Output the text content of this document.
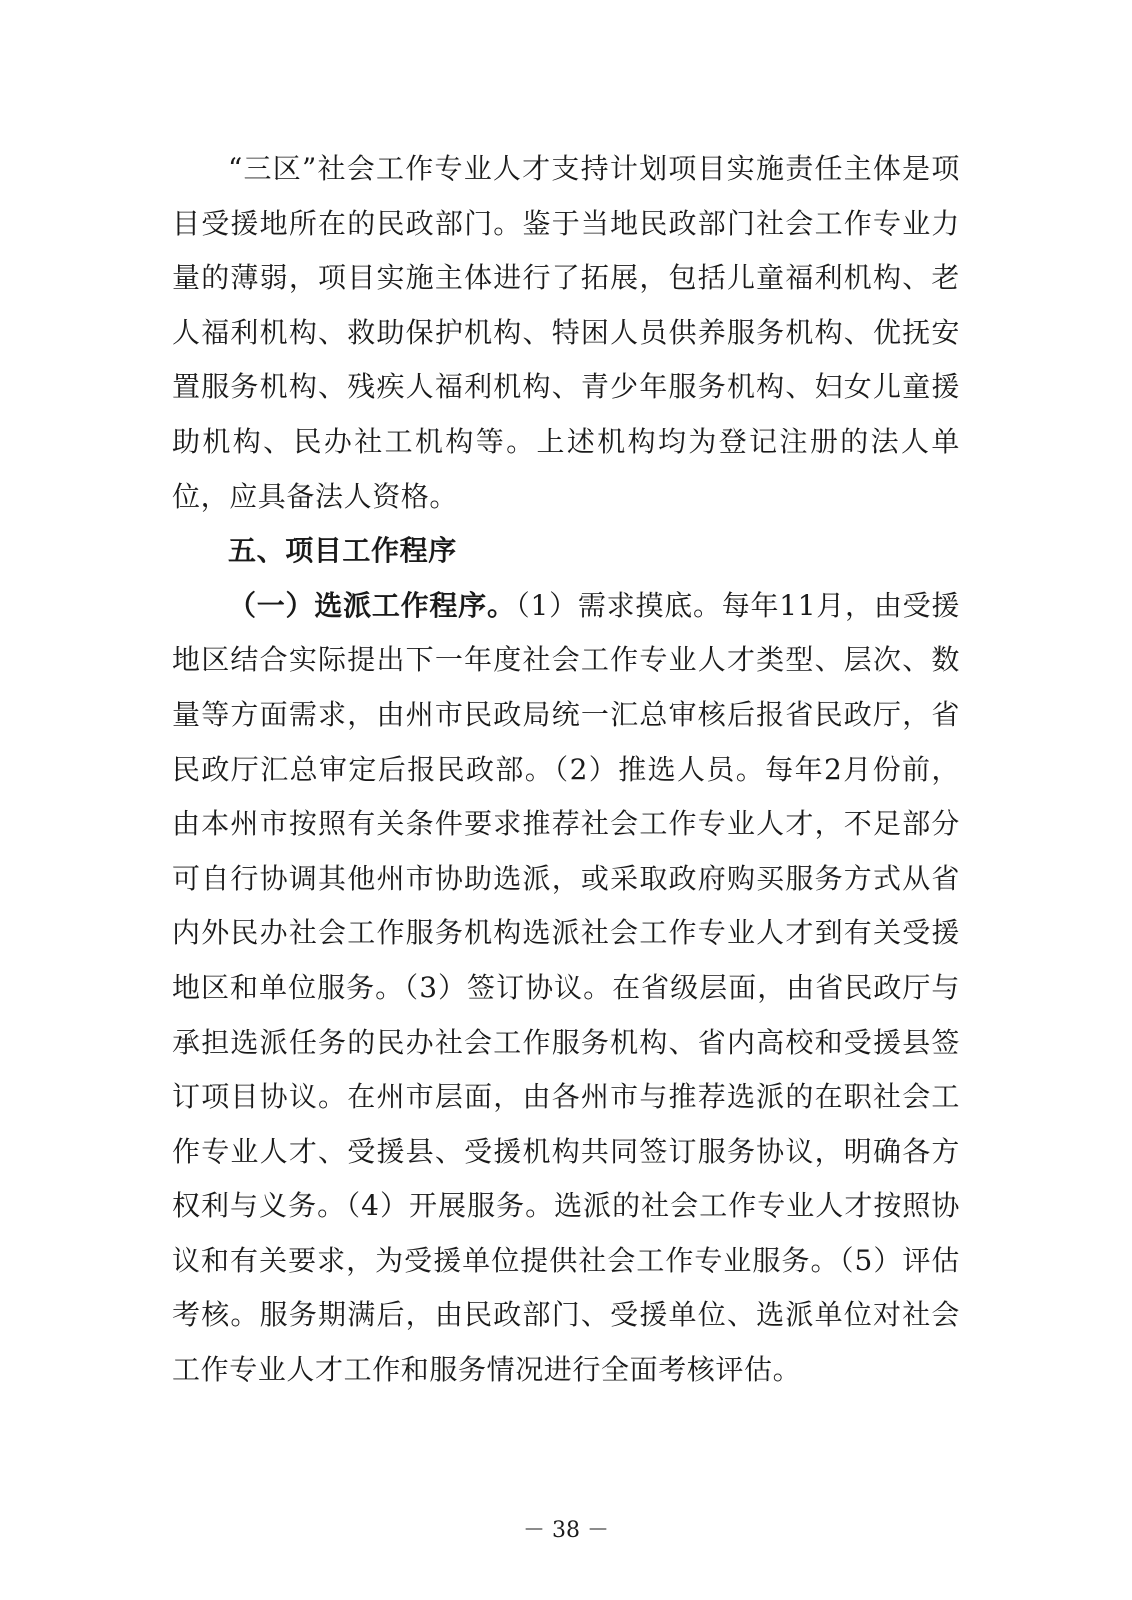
“三区”社会工作专业人才支持计划项目实施责任主体是项目受援地所在的民政部门。鉴于当地民政部门社会工作专业力量的薄弱，项目实施主体进行了拓展，包括儿童福利机构、老人福利机构、救助保护机构、特困人员供养服务机构、优抚安置服务机构、残疾人福利机构、青少年服务机构、妇女儿童援助机构、民办社工机构等。上述机构均为登记注册的法人单位，应具备法人资格。

五、项目工作程序

（一）选派工作程序。（1）需求摸底。每年11月，由受援地区结合实际提出下一年度社会工作专业人才类型、层次、数量等方面需求，由州市民政局统一汇总审核后报省民政厅，省民政厅汇总审定后报民政部。（2）推选人员。每年2月份前，由本州市按照有关条件要求推荐社会工作专业人才，不足部分可自行协调其他州市协助选派，或采取政府购买服务方式从省内外民办社会工作服务机构选派社会工作专业人才到有关受援地区和单位服务。（3）签订协议。在省级层面，由省民政厅与承担选派任务的民办社会工作服务机构、省内高校和受援县签订项目协议。在州市层面，由各州市与推荐选派的在职社会工作专业人才、受援县、受援机构共同签订服务协议，明确各方权利与义务。（4）开展服务。选派的社会工作专业人才按照协议和有关要求，为受援单位提供社会工作专业服务。（5）评估考核。服务期满后，由民政部门、受援单位、选派单位对社会工作专业人才工作和服务情况进行全面考核评估。

－ 38 －
